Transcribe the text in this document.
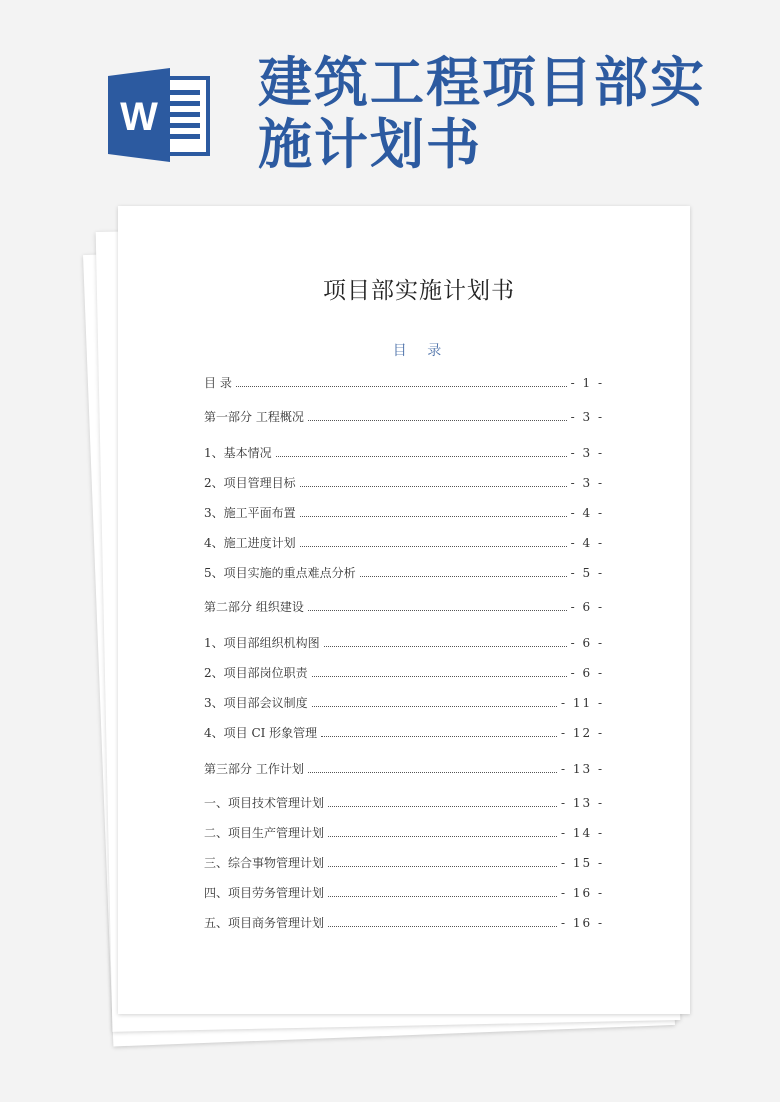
W
建筑工程项目部实施计划书
项目部实施计划书
目 录
目 录	- 1 -
第一部分 工程概况	- 3 -
1、基本情况	- 3 -
2、项目管理目标	- 3 -
3、施工平面布置	- 4 -
4、施工进度计划	- 4 -
5、项目实施的重点难点分析	- 5 -
第二部分 组织建设	- 6 -
1、项目部组织机构图	- 6 -
2、项目部岗位职责	- 6 -
3、项目部会议制度	- 11 -
4、项目 CI 形象管理	- 12 -
第三部分 工作计划	- 13 -
一、项目技术管理计划	- 13 -
二、项目生产管理计划	- 14 -
三、综合事物管理计划	- 15 -
四、项目劳务管理计划	- 16 -
五、项目商务管理计划	- 16 -
